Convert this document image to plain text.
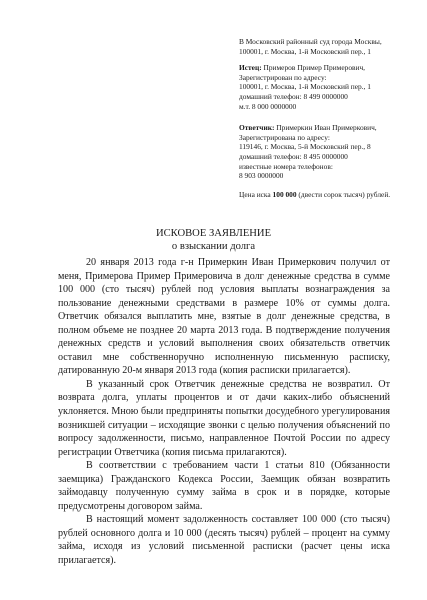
В Московский районный суд города Москвы,
100001, г. Москва, 1-й Московский пер., 1
Истец: Примеров Пример Примерович,
Зарегистрирован по адресу:
100001, г. Москва, 1-й Московский пер., 1
домашний телефон: 8 499 0000000
м.т. 8 000 0000000
Ответчик: Примеркин Иван Примеркович,
Зарегистрирована по адресу:
119146, г. Москва, 5-й Московский пер., 8
домашний телефон: 8 495 0000000
известные номера телефонов:
8 903 0000000
Цена иска 100 000 (двести сорок тысяч) рублей.
ИСКОВОЕ ЗАЯВЛЕНИЕ
о взыскании долга

20 января 2013 года г-н Примеркин Иван Примеркович получил от меня, Примерова Пример Примеровича в долг денежные средства в сумме 100 000 (сто тысяч) рублей под условия выплаты вознаграждения за пользование денежными средствами в размере 10% от суммы долга. Ответчик обязался выплатить мне, взятые в долг денежные средства, в полном объеме не позднее 20 марта 2013 года. В подтверждение получения денежных средств и условий выполнения своих обязательств ответчик оставил мне собственноручно исполненную письменную расписку, датированную 20-м января 2013 года (копия расписки прилагается).

В указанный срок Ответчик денежные средства не возвратил. От возврата долга, уплаты процентов и от дачи каких-либо объяснений уклоняется. Мною были предприняты попытки досудебного урегулирования возникшей ситуации – исходящие звонки с целью получения объяснений по вопросу задолженности, письмо, направленное Почтой России по адресу регистрации Ответчика (копия письма прилагаются).

В соответствии с требованием части 1 статьи 810 (Обязанности заемщика) Гражданского Кодекса России, Заемщик обязан возвратить займодавцу полученную сумму займа в срок и в порядке, которые предусмотрены договором займа.

В настоящий момент задолженность составляет 100 000 (сто тысяч) рублей основного долга и 10 000 (десять тысяч) рублей – процент на сумму займа, исходя из условий письменной расписки (расчет цены иска прилагается).
